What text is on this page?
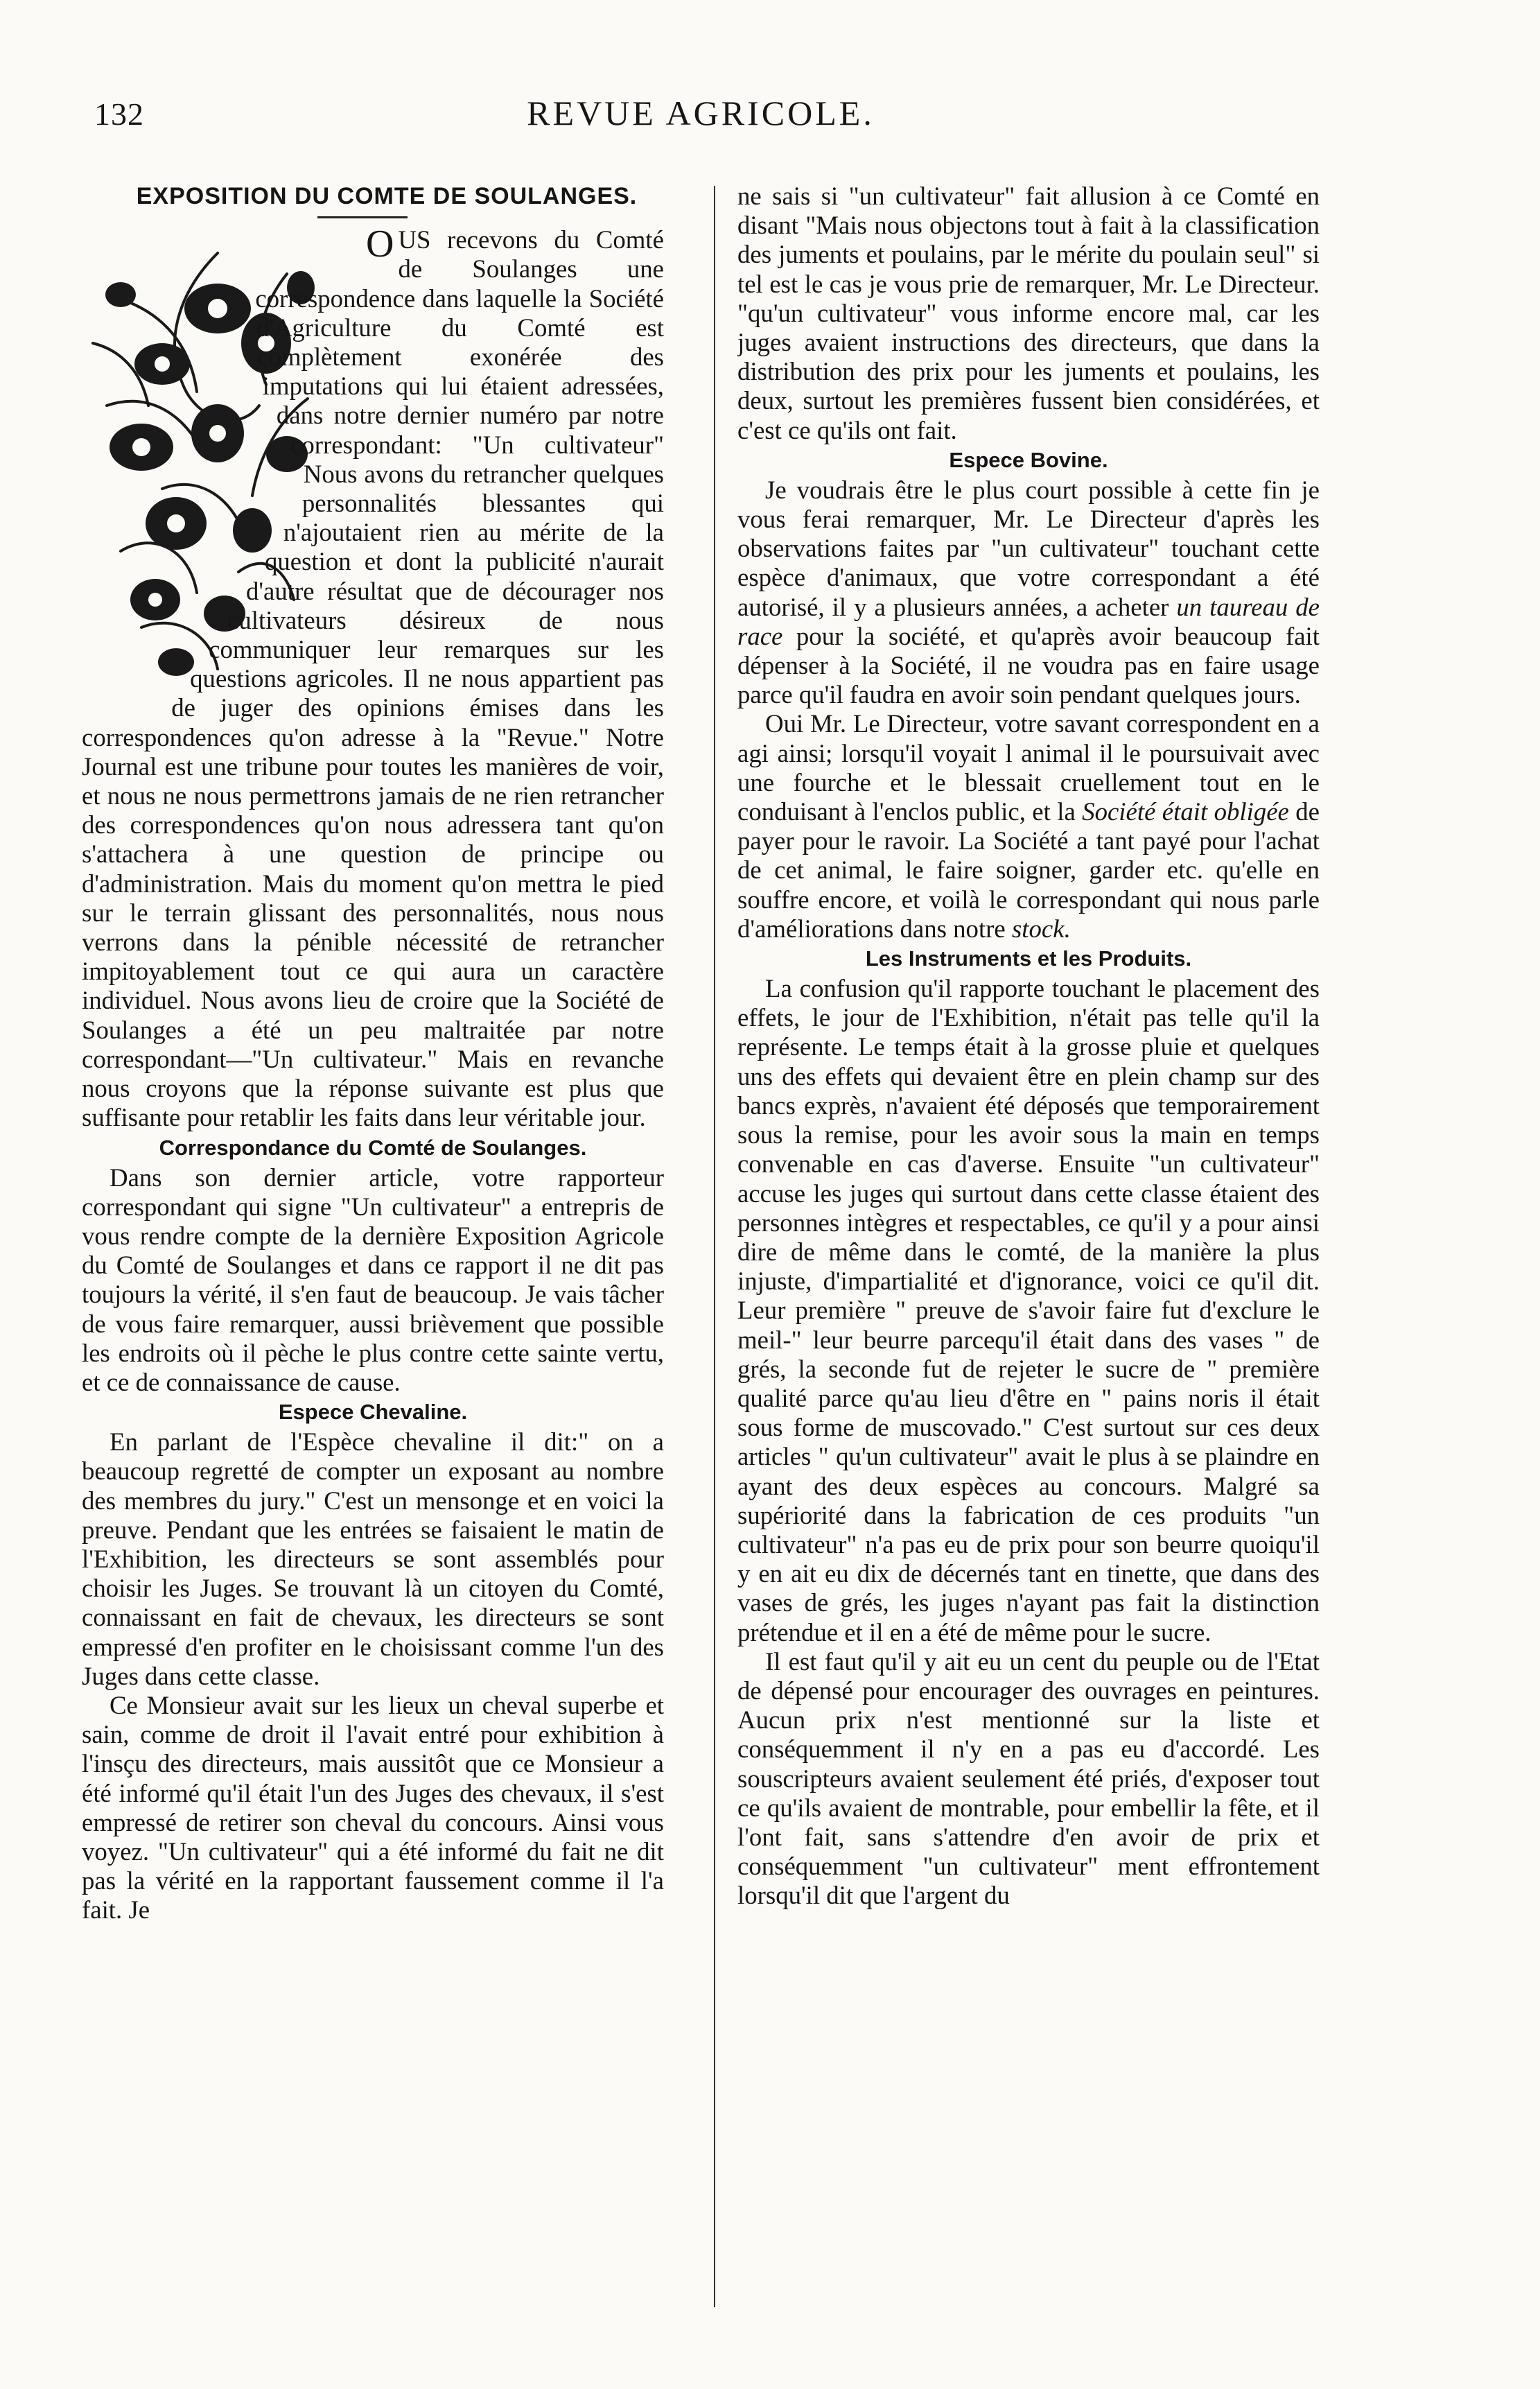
132	REVUE AGRICOLE.
EXPOSITION DU COMTE DE SOULANGES.

OUS recevons du Comté de Soulanges une correspondence dans laquelle la Société d'Agriculture du Comté est complètement exonérée des imputations qui lui étaient adressées, dans notre dernier numéro par notre correspondant: "Un cultivateur" Nous avons du retrancher quelques personnalités blessantes qui n'ajoutaient rien au mérite de la question et dont la publicité n'aurait d'autre résultat que de décourager nos cultivateurs désireux de nous communiquer leur remarques sur les questions agricoles. Il ne nous appartient pas de juger des opinions émises dans les correspondences qu'on adresse à la "Revue." Notre Journal est une tribune pour toutes les manières de voir, et nous ne nous permettrons jamais de ne rien retrancher des correspondences qu'on nous adressera tant qu'on s'attachera à une question de principe ou d'administration. Mais du moment qu'on mettra le pied sur le terrain glissant des personnalités, nous nous verrons dans la pénible nécessité de retrancher impitoyablement tout ce qui aura un caractère individuel. Nous avons lieu de croire que la Société de Soulanges a été un peu maltraitée par notre correspondant—"Un cultivateur." Mais en revanche nous croyons que la réponse suivante est plus que suffisante pour retablir les faits dans leur véritable jour.

Correspondance du Comté de Soulanges.

Dans son dernier article, votre rapporteur correspondant qui signe "Un cultivateur" a entrepris de vous rendre compte de la dernière Exposition Agricole du Comté de Soulanges et dans ce rapport il ne dit pas toujours la vérité, il s'en faut de beaucoup. Je vais tâcher de vous faire remarquer, aussi brièvement que possible les endroits où il pèche le plus contre cette sainte vertu, et ce de connaissance de cause.

Espece Chevaline.

En parlant de l'Espèce chevaline il dit:" on a beaucoup regretté de compter un exposant au nombre des membres du jury." C'est un mensonge et en voici la preuve. Pendant que les entrées se faisaient le matin de l'Exhibition, les directeurs se sont assemblés pour choisir les Juges. Se trouvant là un citoyen du Comté, connaissant en fait de chevaux, les directeurs se sont empressé d'en profiter en le choisissant comme l'un des Juges dans cette classe.

Ce Monsieur avait sur les lieux un cheval superbe et sain, comme de droit il l'avait entré pour exhibition à l'insçu des directeurs, mais aussitôt que ce Monsieur a été informé qu'il était l'un des Juges des chevaux, il s'est empressé de retirer son cheval du concours. Ainsi vous voyez. "Un cultivateur" qui a été informé du fait ne dit pas la vérité en la rapportant faussement comme il l'a fait. Je

ne sais si "un cultivateur" fait allusion à ce Comté en disant "Mais nous objectons tout à fait à la classification des juments et poulains, par le mérite du poulain seul" si tel est le cas je vous prie de remarquer, Mr. Le Directeur. "qu'un cultivateur" vous informe encore mal, car les juges avaient instructions des directeurs, que dans la distribution des prix pour les juments et poulains, les deux, surtout les premières fussent bien considérées, et c'est ce qu'ils ont fait.

Espece Bovine.

Je voudrais être le plus court possible à cette fin je vous ferai remarquer, Mr. Le Directeur d'après les observations faites par "un cultivateur" touchant cette espèce d'animaux, que votre correspondant a été autorisé, il y a plusieurs années, a acheter un taureau de race pour la société, et qu'après avoir beaucoup fait dépenser à la Société, il ne voudra pas en faire usage parce qu'il faudra en avoir soin pendant quelques jours.

Oui Mr. Le Directeur, votre savant correspondent en a agi ainsi; lorsqu'il voyait l animal il le poursuivait avec une fourche et le blessait cruellement tout en le conduisant à l'enclos public, et la Société était obligée de payer pour le ravoir. La Société a tant payé pour l'achat de cet animal, le faire soigner, garder etc. qu'elle en souffre encore, et voilà le correspondant qui nous parle d'améliorations dans notre stock.

Les Instruments et les Produits.

La confusion qu'il rapporte touchant le placement des effets, le jour de l'Exhibition, n'était pas telle qu'il la représente. Le temps était à la grosse pluie et quelques uns des effets qui devaient être en plein champ sur des bancs exprès, n'avaient été déposés que temporairement sous la remise, pour les avoir sous la main en temps convenable en cas d'averse. Ensuite "un cultivateur" accuse les juges qui surtout dans cette classe étaient des personnes intègres et respectables, ce qu'il y a pour ainsi dire de même dans le comté, de la manière la plus injuste, d'impartialité et d'ignorance, voici ce qu'il dit. Leur première " preuve de s'avoir faire fut d'exclure le meil-" leur beurre parcequ'il était dans des vases " de grés, la seconde fut de rejeter le sucre de " première qualité parce qu'au lieu d'être en " pains noris il était sous forme de muscovado." C'est surtout sur ces deux articles " qu'un cultivateur" avait le plus à se plaindre en ayant des deux espèces au concours. Malgré sa supériorité dans la fabrication de ces produits "un cultivateur" n'a pas eu de prix pour son beurre quoiqu'il y en ait eu dix de décernés tant en tinette, que dans des vases de grés, les juges n'ayant pas fait la distinction prétendue et il en a été de même pour le sucre.

Il est faut qu'il y ait eu un cent du peuple ou de l'Etat de dépensé pour encourager des ouvrages en peintures. Aucun prix n'est mentionné sur la liste et conséquemment il n'y en a pas eu d'accordé. Les souscripteurs avaient seulement été priés, d'exposer tout ce qu'ils avaient de montrable, pour embellir la fête, et il l'ont fait, sans s'attendre d'en avoir de prix et conséquemment "un cultivateur" ment effrontement lorsqu'il dit que l'argent du
